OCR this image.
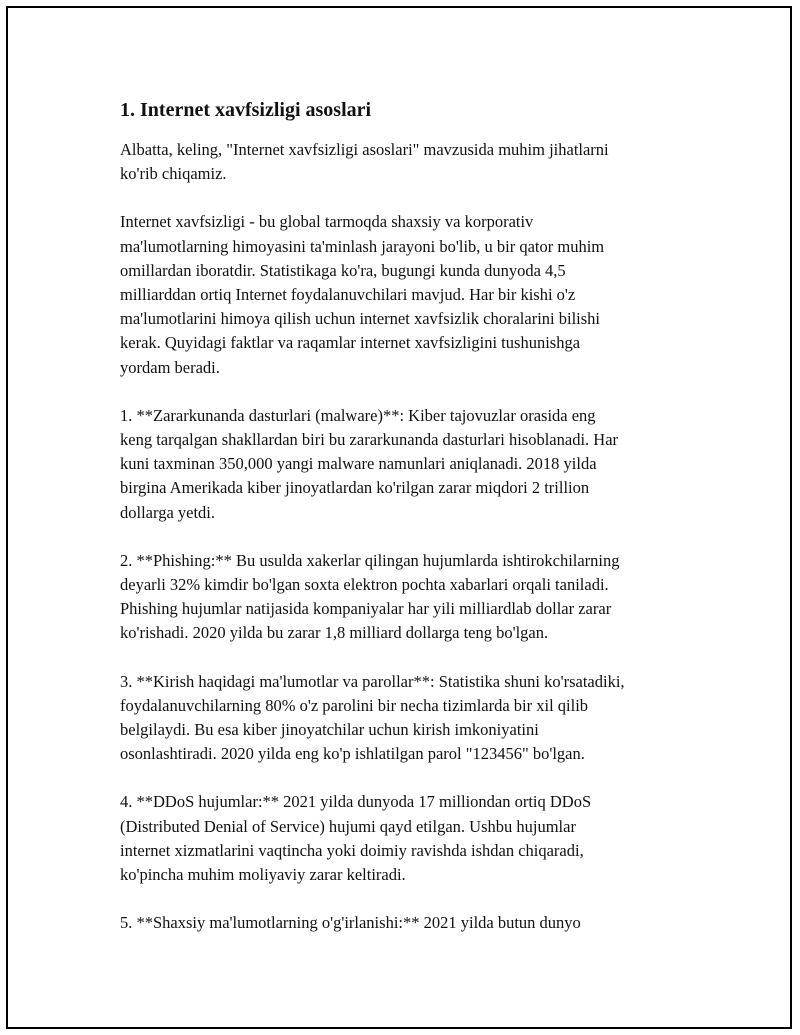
1. Internet xavfsizligi asoslari

Albatta, keling, "Internet xavfsizligi asoslari" mavzusida muhim jihatlarni
ko'rib chiqamiz.

Internet xavfsizligi - bu global tarmoqda shaxsiy va korporativ
ma'lumotlarning himoyasini ta'minlash jarayoni bo'lib, u bir qator muhim
omillardan iboratdir. Statistikaga ko'ra, bugungi kunda dunyoda 4,5
milliarddan ortiq Internet foydalanuvchilari mavjud. Har bir kishi o'z
ma'lumotlarini himoya qilish uchun internet xavfsizlik choralarini bilishi
kerak. Quyidagi faktlar va raqamlar internet xavfsizligini tushunishga
yordam beradi.

1. **Zararkunanda dasturlari (malware)**: Kiber tajovuzlar orasida eng
keng tarqalgan shakllardan biri bu zararkunanda dasturlari hisoblanadi. Har
kuni taxminan 350,000 yangi malware namunlari aniqlanadi. 2018 yilda
birgina Amerikada kiber jinoyatlardan ko'rilgan zarar miqdori 2 trillion
dollarga yetdi.

2. **Phishing:** Bu usulda xakerlar qilingan hujumlarda ishtirokchilarning
deyarli 32% kimdir bo'lgan soxta elektron pochta xabarlari orqali taniladi.
Phishing hujumlar natijasida kompaniyalar har yili milliardlab dollar zarar
ko'rishadi. 2020 yilda bu zarar 1,8 milliard dollarga teng bo'lgan.

3. **Kirish haqidagi ma'lumotlar va parollar**: Statistika shuni ko'rsatadiki,
foydalanuvchilarning 80% o'z parolini bir necha tizimlarda bir xil qilib
belgilaydi. Bu esa kiber jinoyatchilar uchun kirish imkoniyatini
osonlashtiradi. 2020 yilda eng ko'p ishlatilgan parol "123456" bo'lgan.

4. **DDoS hujumlar:** 2021 yilda dunyoda 17 milliondan ortiq DDoS
(Distributed Denial of Service) hujumi qayd etilgan. Ushbu hujumlar
internet xizmatlarini vaqtincha yoki doimiy ravishda ishdan chiqaradi,
ko'pincha muhim moliyaviy zarar keltiradi.

5. **Shaxsiy ma'lumotlarning o'g'irlanishi:** 2021 yilda butun dunyo
